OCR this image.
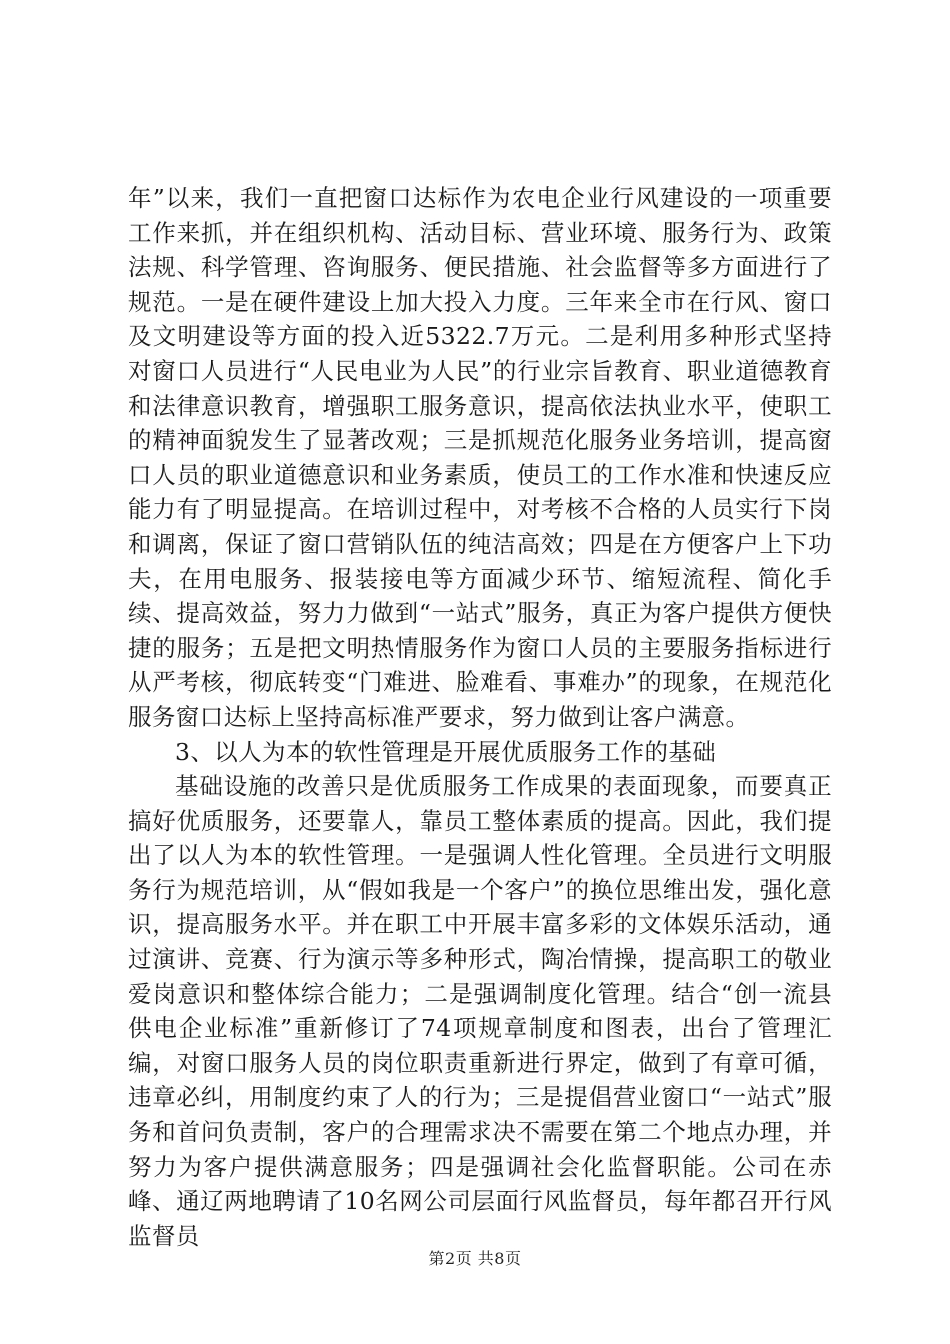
年”以来，我们一直把窗口达标作为农电企业行风建设的一项重要工作来抓，并在组织机构、活动目标、营业环境、服务行为、政策法规、科学管理、咨询服务、便民措施、社会监督等多方面进行了规范。一是在硬件建设上加大投入力度。三年来全市在行风、窗口及文明建设等方面的投入近5322.7万元。二是利用多种形式坚持对窗口人员进行“人民电业为人民”的行业宗旨教育、职业道德教育和法律意识教育，增强职工服务意识，提高依法执业水平，使职工的精神面貌发生了显著改观；三是抓规范化服务业务培训，提高窗口人员的职业道德意识和业务素质，使员工的工作水准和快速反应能力有了明显提高。在培训过程中，对考核不合格的人员实行下岗和调离，保证了窗口营销队伍的纯洁高效；四是在方便客户上下功夫，在用电服务、报装接电等方面减少环节、缩短流程、简化手续、提高效益，努力力做到“一站式”服务，真正为客户提供方便快捷的服务；五是把文明热情服务作为窗口人员的主要服务指标进行从严考核，彻底转变“门难进、脸难看、事难办”的现象，在规范化服务窗口达标上坚持高标准严要求，努力做到让客户满意。

3、以人为本的软性管理是开展优质服务工作的基础

基础设施的改善只是优质服务工作成果的表面现象，而要真正搞好优质服务，还要靠人，靠员工整体素质的提高。因此，我们提出了以人为本的软性管理。一是强调人性化管理。全员进行文明服务行为规范培训，从“假如我是一个客户”的换位思维出发，强化意识，提高服务水平。并在职工中开展丰富多彩的文体娱乐活动，通过演讲、竞赛、行为演示等多种形式，陶冶情操，提高职工的敬业爱岗意识和整体综合能力；二是强调制度化管理。结合“创一流县供电企业标准”重新修订了74项规章制度和图表，出台了管理汇编，对窗口服务人员的岗位职责重新进行界定，做到了有章可循，违章必纠，用制度约束了人的行为；三是提倡营业窗口“一站式”服务和首问负责制，客户的合理需求决不需要在第二个地点办理，并努力为客户提供满意服务；四是强调社会化监督职能。公司在赤峰、通辽两地聘请了10名网公司层面行风监督员，每年都召开行风监督员

第2页 共8页
